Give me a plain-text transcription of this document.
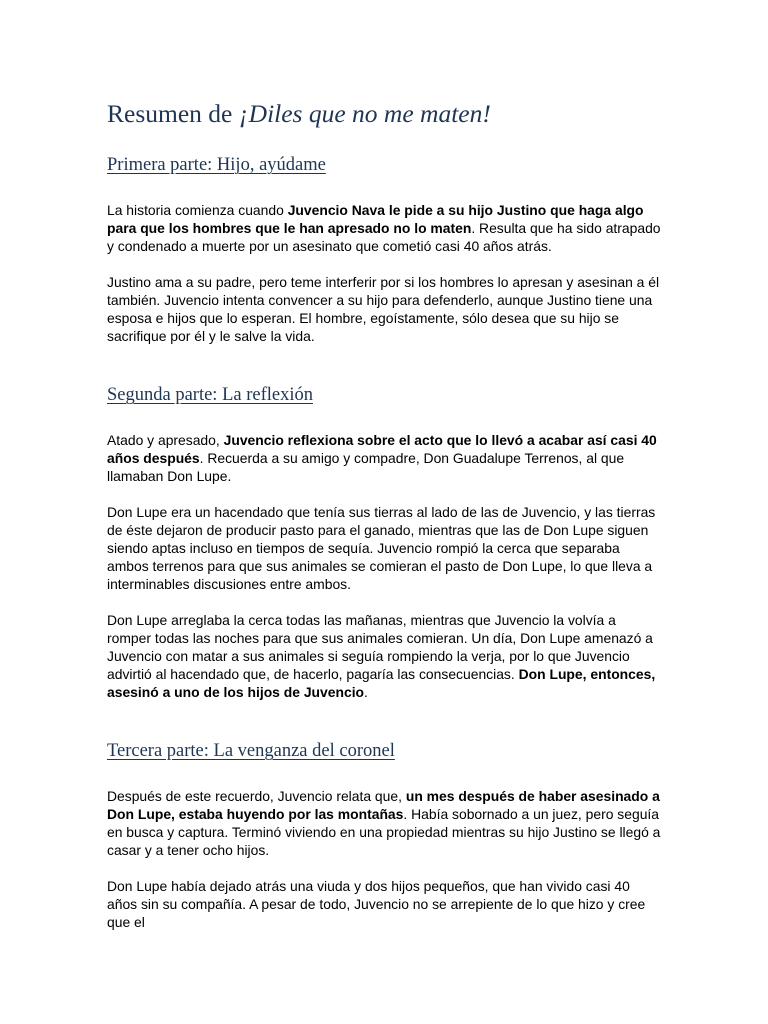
Resumen de ¡Diles que no me maten!
Primera parte: Hijo, ayúdame

La historia comienza cuando Juvencio Nava le pide a su hijo Justino que haga algo para que los hombres que le han apresado no lo maten. Resulta que ha sido atrapado y condenado a muerte por un asesinato que cometió casi 40 años atrás.

Justino ama a su padre, pero teme interferir por si los hombres lo apresan y asesinan a él también. Juvencio intenta convencer a su hijo para defenderlo, aunque Justino tiene una esposa e hijos que lo esperan. El hombre, egoístamente, sólo desea que su hijo se sacrifique por él y le salve la vida.

Segunda parte: La reflexión

Atado y apresado, Juvencio reflexiona sobre el acto que lo llevó a acabar así casi 40 años después. Recuerda a su amigo y compadre, Don Guadalupe Terrenos, al que llamaban Don Lupe.

Don Lupe era un hacendado que tenía sus tierras al lado de las de Juvencio, y las tierras de éste dejaron de producir pasto para el ganado, mientras que las de Don Lupe siguen siendo aptas incluso en tiempos de sequía. Juvencio rompió la cerca que separaba ambos terrenos para que sus animales se comieran el pasto de Don Lupe, lo que lleva a interminables discusiones entre ambos.

Don Lupe arreglaba la cerca todas las mañanas, mientras que Juvencio la volvía a romper todas las noches para que sus animales comieran. Un día, Don Lupe amenazó a Juvencio con matar a sus animales si seguía rompiendo la verja, por lo que Juvencio advirtió al hacendado que, de hacerlo, pagaría las consecuencias. Don Lupe, entonces, asesinó a uno de los hijos de Juvencio.

Tercera parte: La venganza del coronel

Después de este recuerdo, Juvencio relata que, un mes después de haber asesinado a Don Lupe, estaba huyendo por las montañas. Había sobornado a un juez, pero seguía en busca y captura. Terminó viviendo en una propiedad mientras su hijo Justino se llegó a casar y a tener ocho hijos.

Don Lupe había dejado atrás una viuda y dos hijos pequeños, que han vivido casi 40 años sin su compañía. A pesar de todo, Juvencio no se arrepiente de lo que hizo y cree que el
